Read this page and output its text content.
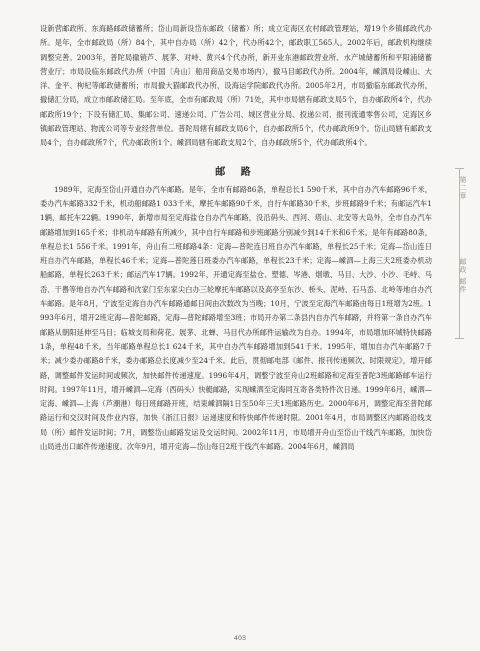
设新营邮政所、东海路邮政储蓄所；岱山局新设岱东邮政（储蓄）所；成立定海区农村邮政管理站，增19个乡镇邮政代办所。是年，全市邮政局（所）84个，其中自办局（所）42个，代办所42个，邮政职工565人。2002年后，邮政机构继续调整完善。2003年，普陀局撤销芦、展茅、对峙、黄兴4个代办所，新开业东港邮政营业所、水产城储蓄所和平阳浦储蓄营业厅；市局设临东邮政代办所（中国〔舟山〕船用商品交易市场内），撤马目邮政代办所。2004年，嵊泗局设嵊山、大洋、金平、枸杞等邮政储蓄所；市局撤大猫邮政代办所，设海运学院邮政代办所。2005年2月，市局撤临东邮政代办所，撤储汇分局，成立市邮政储汇局。至年底，全市有邮政局（所）71处，其中市局辖有邮政支局5个，自办邮政所4个，代办邮政所19个；下设有储汇局、集邮公司、速递公司、广告公司、城区营业分局、投递公司、报刊流通零售公司，定海区乡镇邮政管理站、物流公司等专业经营单位。普陀局辖有邮政支局6个，自办邮政所5个，代办邮政所9个。岱山局辖有邮政支局4个，自办邮政所7个，代办邮政所1个。嵊泗局辖有邮政支局2个，自办邮政所5个，代办邮政所4个。

邮 路

1989年，定海至岱山开通自办汽车邮路。是年，全市有邮路86条，单程总长1 590千米，其中自办汽车邮路96千米，委办汽车邮路332千米，机动船邮路1 033千米，摩托车邮路90千米，自行车邮路30千米，步班邮路9千米；有邮运汽车11辆，邮托车22辆。1990年，新增市局至定海盐仓自办汽车邮路，没沿码头、西河、塔山、北安等大岛外，全市自办汽车邮路增加到165千米；非机动车邮路有所减少，其中自行车邮路和步班邮路分别减少到14千米和6千米。是年有邮路80条，单程总长1 556千米。1991年，舟山有二班邮路4条：定海—普陀连日班自办汽车邮路，单程长25千米；定海—岱山连日班自办汽车邮路，单程长46千米；定海—普陀莲日班委办汽车邮路，单程长23千米；定海—嵊泗—上海三天2班委办机动船邮路，单程长263千米；邮运汽车17辆。1992年，开通定海至盐仓、塑德、岑港、烟墩、马目、大沙、小沙、毛峙、马岙、干嶴等地自办汽车邮路和沈家门至东家尖白办三轮摩托车邮路以及高亭至东沙、桥头、泥峙、石马岙、北岭等地自办汽车邮路。是年8月，宁波至定海自办汽车邮路通邮日间由次数改为当晚；10月，宁波至定海汽车邮路由每日1班增为2班。1993年6月，增开2班定海—普陀邮路，定海—普陀邮路增至3班；市局开办第二条县内自办汽车邮路，并将第一条自办汽车邮路从朝阳延伸至马目；临城支局和荷花、展茅、北蝉、马目代办所邮件运输改为自办。1994年，市局增加环城特快邮路1条，单程48千米。当年邮路单程总长1 624千米，其中自办汽车邮路增加到541千米。1995年，增加自办汽车邮路7千米；减少委办邮路8千米，委办邮路总长度减少至24千米。此后，贯彻邮电部《邮件、报刊传递频次、时限规定》，增开邮路，调整邮件发运时间或频次，加快邮件传递速度。1996年4月，调整宁波至舟山2班邮路和定海至普陀3班邮路邮车运行时间。1997年11月，增开嵊泗—定海（西码头）快艇邮路，实现嵊泗至定海同互寄各类特件次日递。1999年6月，嵊泗—定海、嵊泗—上海（芦潮港）每日班邮路开班，结束嵊泗隔1日至50年三天1班邮路历史。2000年6月，调整定海至普陀邮路运行和交汉时间及作业内容，加快《浙江日报》运递速度和特快邮件传递时限。2001年4月，市局调整区内邮路沿线支局（所）邮件发运时间；7月，调整岱山邮路发运及交运时间。2002年11月，市局增开舟山至岱山干线汽车邮路，加快岱山局进出口邮件传递速度。次年9月，增开定海—岱山每日2班干线汽车邮路。2004年6月，嵊泗局

第二章
邮政 邮件
403
